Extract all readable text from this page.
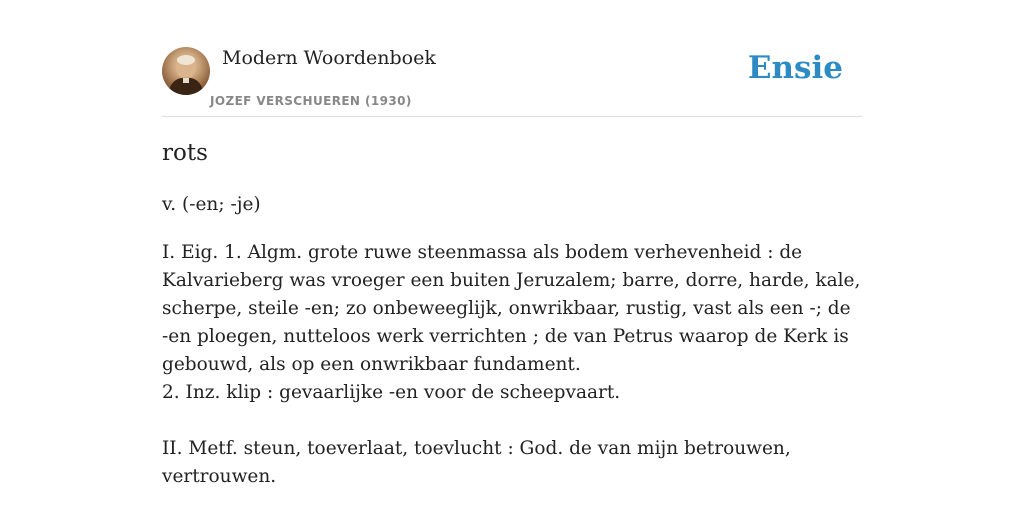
Modern Woordenboek
JOZEF VERSCHUEREN (1930)
Ensie
rots
v. (-en; -je)

I. Eig. 1. Algm. grote ruwe steenmassa als bodem verhevenheid : de Kalvarieberg was vroeger een buiten Jeruzalem; barre, dorre, harde, kale, scherpe, steile -en; zo onbeweeglijk, onwrikbaar, rustig, vast als een -; de -en ploegen, nutteloos werk verrichten ; de van Petrus waarop de Kerk is gebouwd, als op een onwrikbaar fundament.

2. Inz. klip : gevaarlijke -en voor de scheepvaart.

II. Metf. steun, toeverlaat, toevlucht : God. de van mijn betrouwen, vertrouwen.
